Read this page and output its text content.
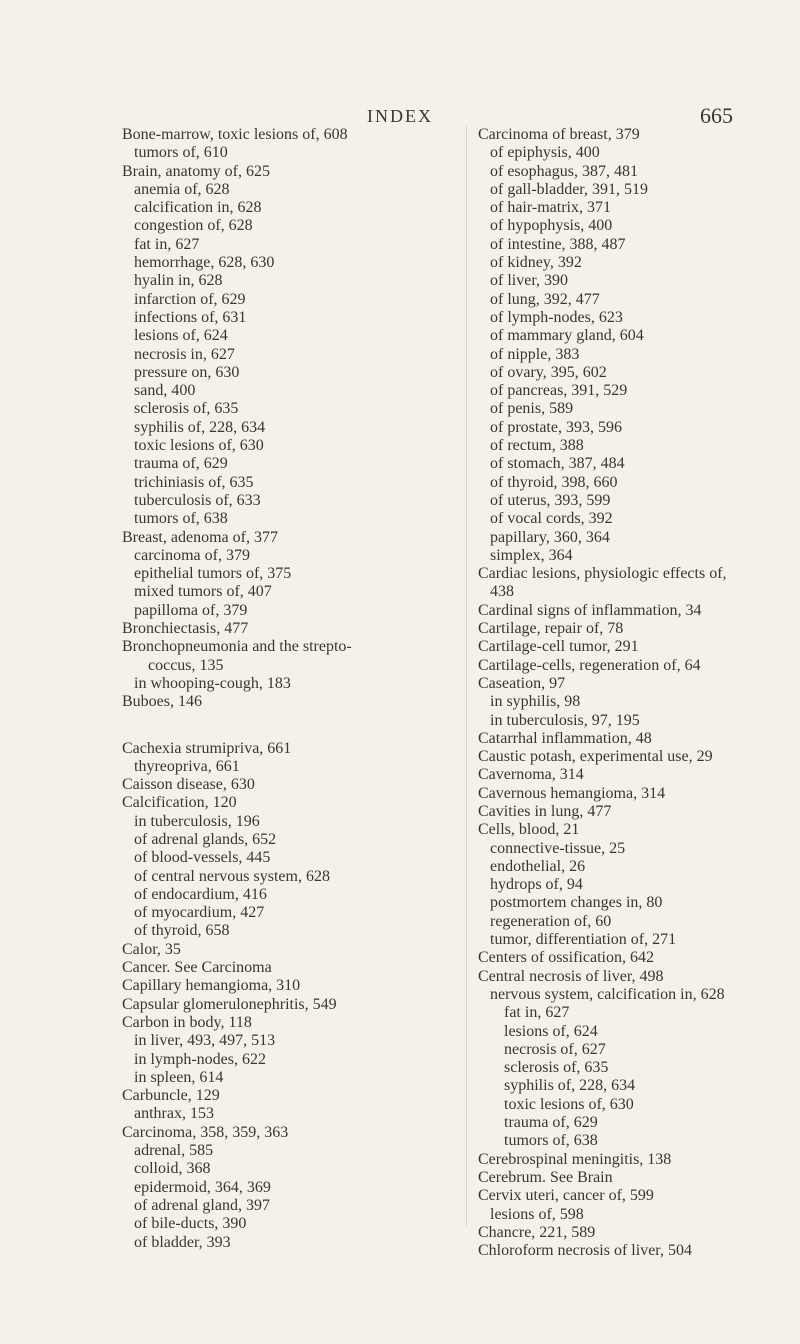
INDEX	665
Bone-marrow, toxic lesions of, 608
tumors of, 610
Brain, anatomy of, 625
anemia of, 628
calcification in, 628
congestion of, 628
fat in, 627
hemorrhage, 628, 630
hyalin in, 628
infarction of, 629
infections of, 631
lesions of, 624
necrosis in, 627
pressure on, 630
sand, 400
sclerosis of, 635
syphilis of, 228, 634
toxic lesions of, 630
trauma of, 629
trichiniasis of, 635
tuberculosis of, 633
tumors of, 638
Breast, adenoma of, 377
carcinoma of, 379
epithelial tumors of, 375
mixed tumors of, 407
papilloma of, 379
Bronchiectasis, 477
Bronchopneumonia and the strepto-
coccus, 135
in whooping-cough, 183
Buboes, 146
Cachexia strumipriva, 661
thyreopriva, 661
Caisson disease, 630
Calcification, 120
in tuberculosis, 196
of adrenal glands, 652
of blood-vessels, 445
of central nervous system, 628
of endocardium, 416
of myocardium, 427
of thyroid, 658
Calor, 35
Cancer. See Carcinoma
Capillary hemangioma, 310
Capsular glomerulonephritis, 549
Carbon in body, 118
in liver, 493, 497, 513
in lymph-nodes, 622
in spleen, 614
Carbuncle, 129
anthrax, 153
Carcinoma, 358, 359, 363
adrenal, 585
colloid, 368
epidermoid, 364, 369
of adrenal gland, 397
of bile-ducts, 390
of bladder, 393
Carcinoma of breast, 379
of epiphysis, 400
of esophagus, 387, 481
of gall-bladder, 391, 519
of hair-matrix, 371
of hypophysis, 400
of intestine, 388, 487
of kidney, 392
of liver, 390
of lung, 392, 477
of lymph-nodes, 623
of mammary gland, 604
of nipple, 383
of ovary, 395, 602
of pancreas, 391, 529
of penis, 589
of prostate, 393, 596
of rectum, 388
of stomach, 387, 484
of thyroid, 398, 660
of uterus, 393, 599
of vocal cords, 392
papillary, 360, 364
simplex, 364
Cardiac lesions, physiologic effects of,
438
Cardinal signs of inflammation, 34
Cartilage, repair of, 78
Cartilage-cell tumor, 291
Cartilage-cells, regeneration of, 64
Caseation, 97
in syphilis, 98
in tuberculosis, 97, 195
Catarrhal inflammation, 48
Caustic potash, experimental use, 29
Cavernoma, 314
Cavernous hemangioma, 314
Cavities in lung, 477
Cells, blood, 21
connective-tissue, 25
endothelial, 26
hydrops of, 94
postmortem changes in, 80
regeneration of, 60
tumor, differentiation of, 271
Centers of ossification, 642
Central necrosis of liver, 498
nervous system, calcification in, 628
fat in, 627
lesions of, 624
necrosis of, 627
sclerosis of, 635
syphilis of, 228, 634
toxic lesions of, 630
trauma of, 629
tumors of, 638
Cerebrospinal meningitis, 138
Cerebrum. See Brain
Cervix uteri, cancer of, 599
lesions of, 598
Chancre, 221, 589
Chloroform necrosis of liver, 504
